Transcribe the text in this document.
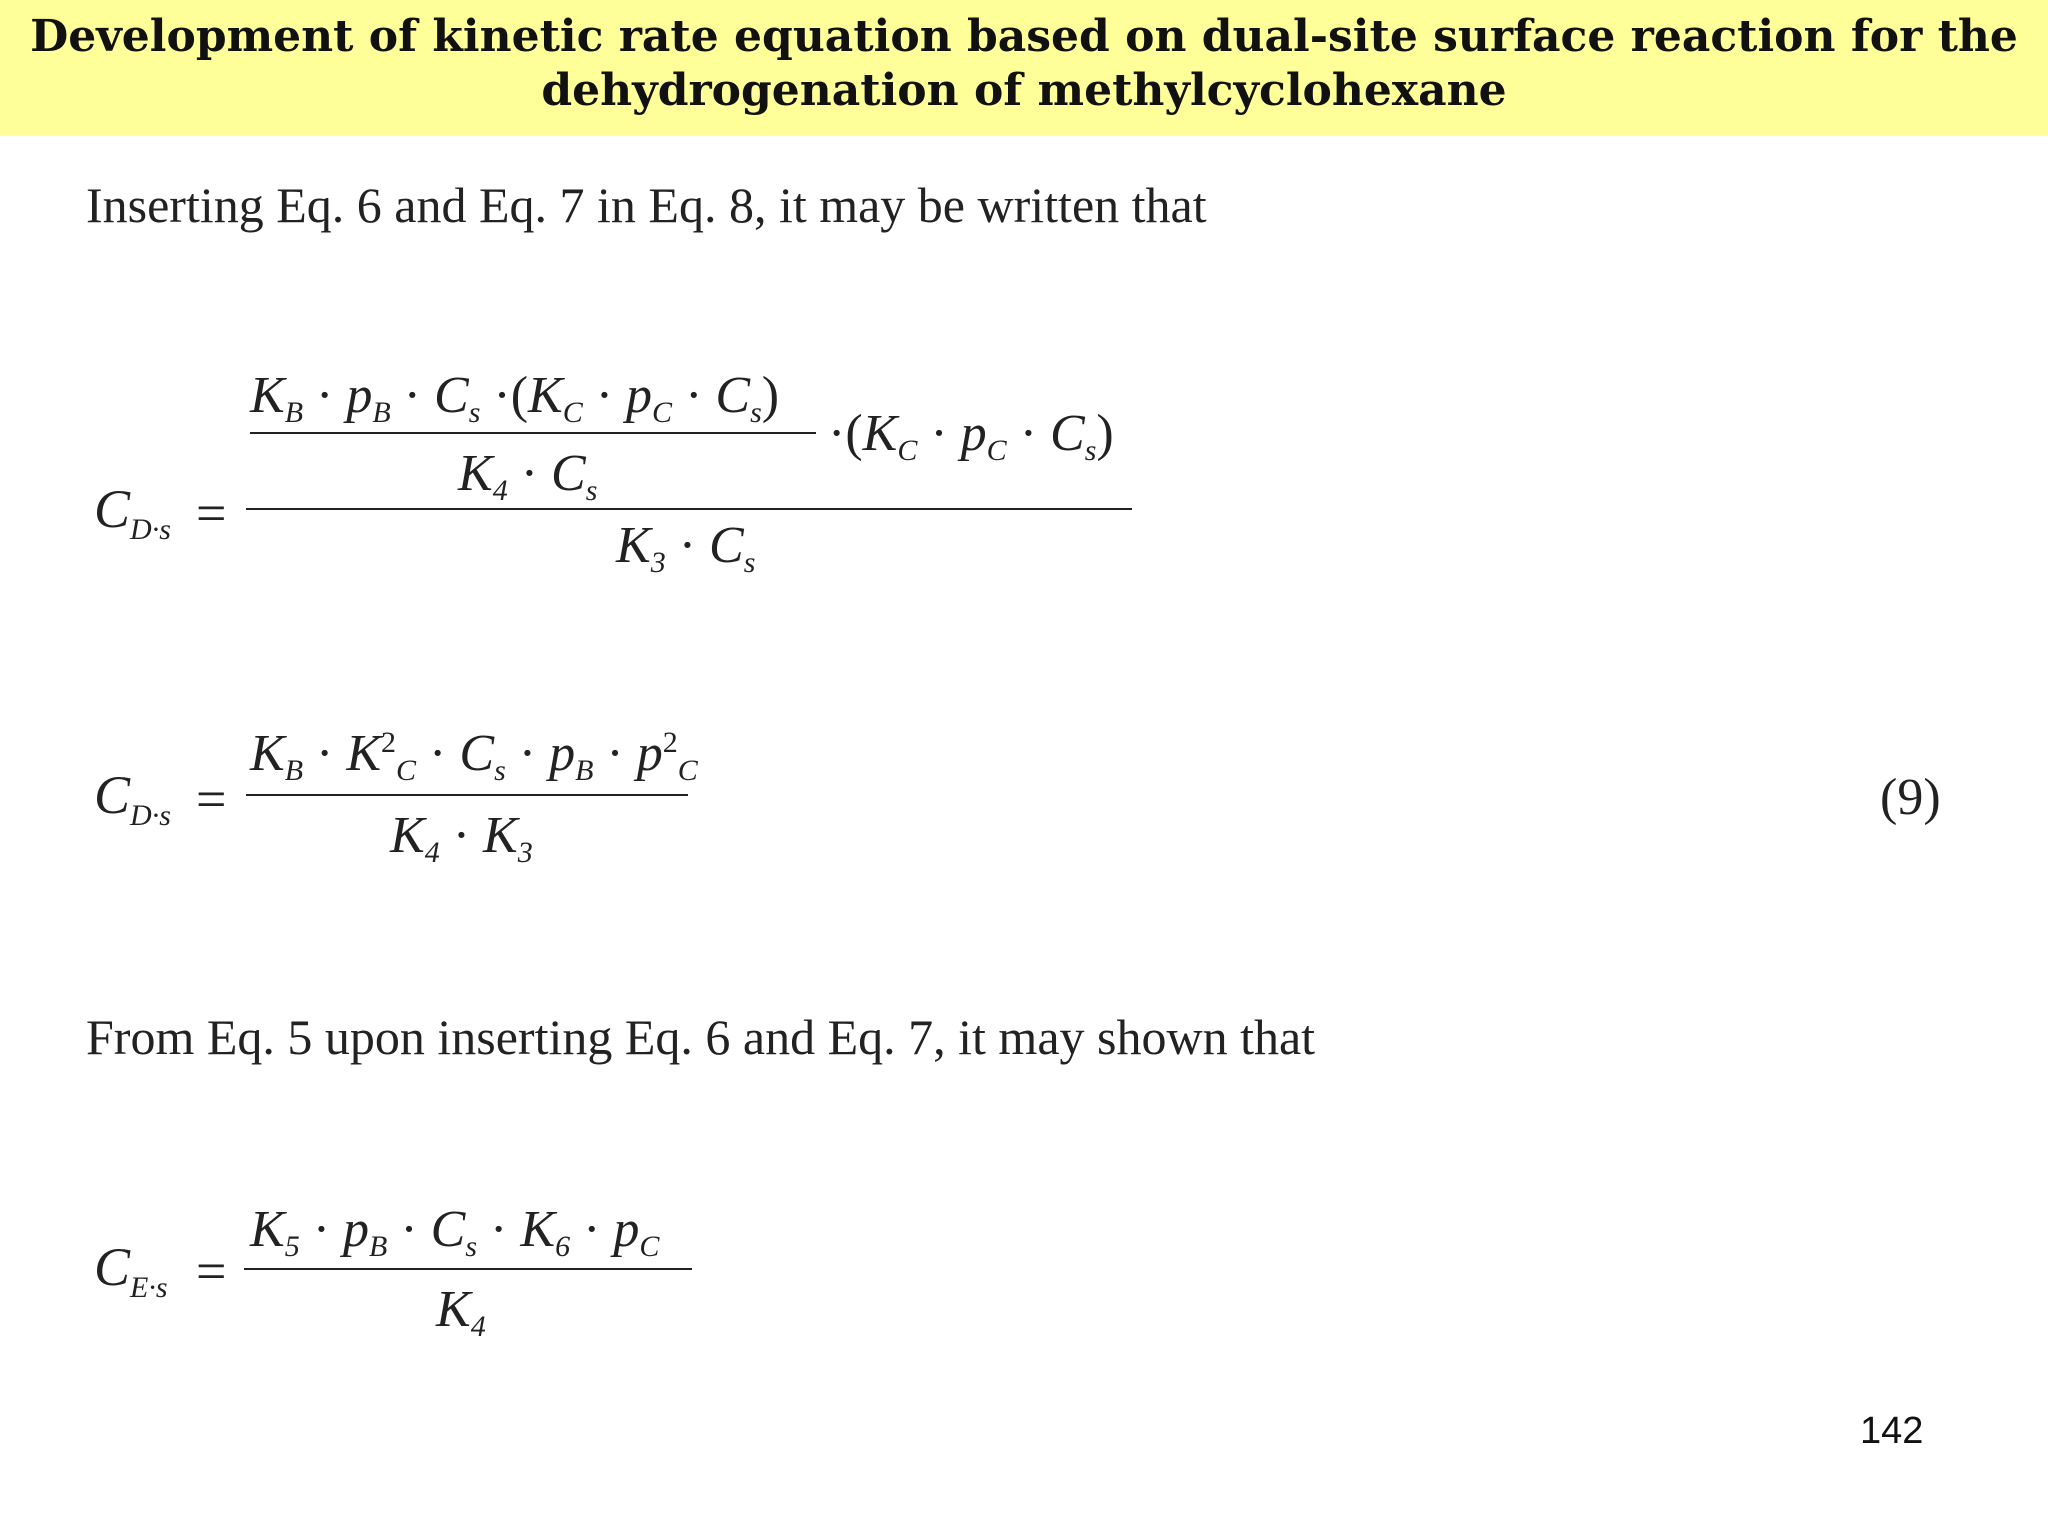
Development of kinetic rate equation based on dual-site surface reaction for the dehydrogenation of methylcyclohexane
Inserting Eq. 6 and Eq. 7 in Eq. 8, it may be written that
$C_{D\cdot s}$ =
$K_B \cdot p_B \cdot C_s \cdot(K_C \cdot p_C \cdot C_s)$
$\cdot(K_C \cdot p_C \cdot C_s)$
$K_4 \cdot C_s$
$K_3 \cdot C_s$
$C_{D\cdot s}$ =
$K_B \cdot K^2_C \cdot C_s \cdot p_B \cdot p^2_C$
$K_4 \cdot K_3$
(9)
From Eq. 5 upon inserting Eq. 6 and Eq. 7, it may shown that
$C_{E\cdot s}$ =
$K_5 \cdot p_B \cdot C_s \cdot K_6 \cdot p_C$
$K_4$
142
